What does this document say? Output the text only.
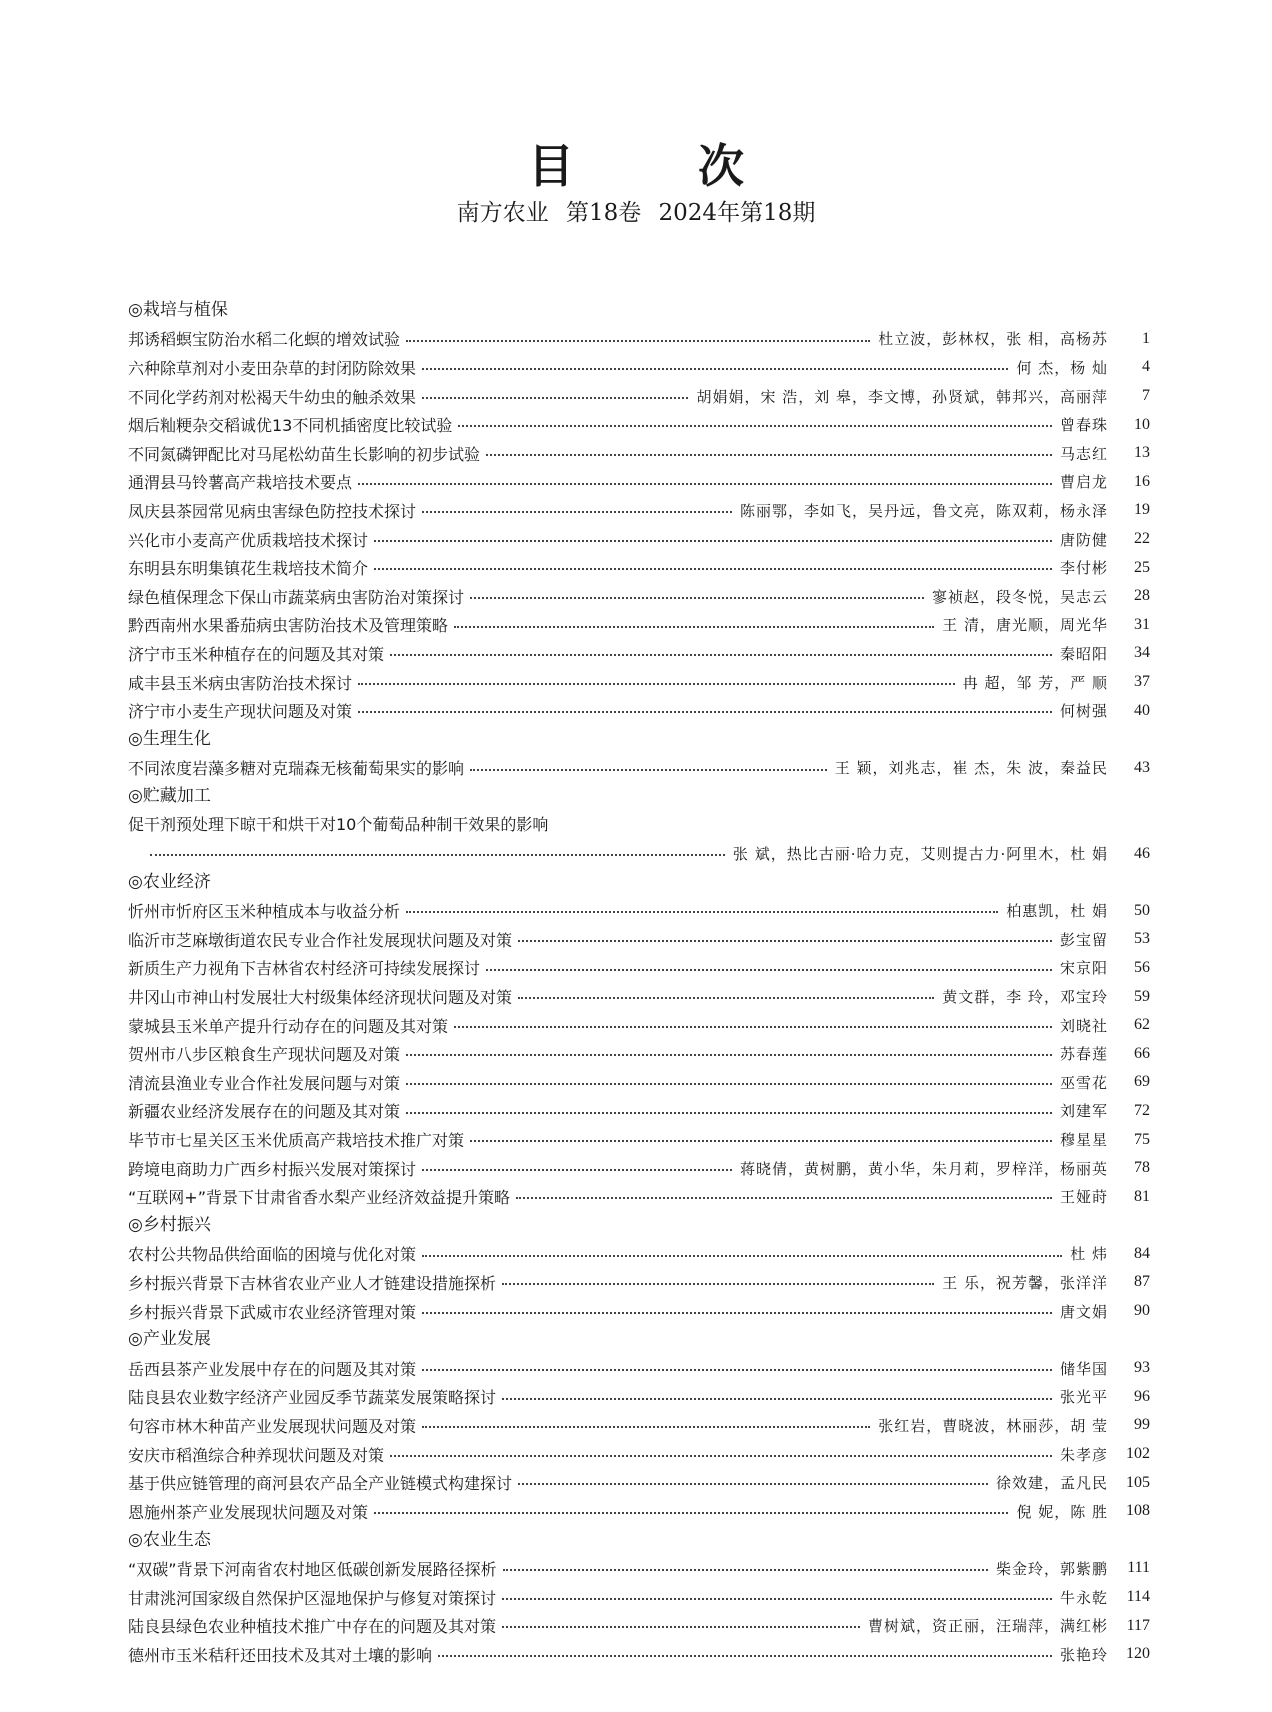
目 次
南方农业 第18卷 2024年第18期
◎栽培与植保
邦诱稻螟宝防治水稻二化螟的增效试验	杜立波，彭林权，张 相，高杨苏	1
六种除草剂对小麦田杂草的封闭防除效果	何 杰，杨 灿	4
不同化学药剂对松褐天牛幼虫的触杀效果	胡娟娟，宋 浩，刘 皋，李文博，孙贤斌，韩邦兴，高丽萍	7
烟后籼粳杂交稻诚优13不同机插密度比较试验	曾春珠	10
不同氮磷钾配比对马尾松幼苗生长影响的初步试验	马志红	13
通渭县马铃薯高产栽培技术要点	曹启龙	16
凤庆县茶园常见病虫害绿色防控技术探讨	陈丽鄂，李如飞，吴丹远，鲁文亮，陈双莉，杨永泽	19
兴化市小麦高产优质栽培技术探讨	唐防健	22
东明县东明集镇花生栽培技术简介	李付彬	25
绿色植保理念下保山市蔬菜病虫害防治对策探讨	寥祯赵，段冬悦，吴志云	28
黔西南州水果番茄病虫害防治技术及管理策略	王 清，唐光顺，周光华	31
济宁市玉米种植存在的问题及其对策	秦昭阳	34
咸丰县玉米病虫害防治技术探讨	冉 超，邹 芳，严 顺	37
济宁市小麦生产现状问题及对策	何树强	40
◎生理生化
不同浓度岩藻多糖对克瑞森无核葡萄果实的影响	王 颖，刘兆志，崔 杰，朱 波，秦益民	43
◎贮藏加工
促干剂预处理下晾干和烘干对10个葡萄品种制干效果的影响
张 斌，热比古丽·哈力克，艾则提古力·阿里木，杜 娟	46
◎农业经济
忻州市忻府区玉米种植成本与收益分析	柏惠凯，杜 娟	50
临沂市芝麻墩街道农民专业合作社发展现状问题及对策	彭宝留	53
新质生产力视角下吉林省农村经济可持续发展探讨	宋京阳	56
井冈山市神山村发展壮大村级集体经济现状问题及对策	黄文群，李 玲，邓宝玲	59
蒙城县玉米单产提升行动存在的问题及其对策	刘晓社	62
贺州市八步区粮食生产现状问题及对策	苏春莲	66
清流县渔业专业合作社发展问题与对策	巫雪花	69
新疆农业经济发展存在的问题及其对策	刘建军	72
毕节市七星关区玉米优质高产栽培技术推广对策	穆星星	75
跨境电商助力广西乡村振兴发展对策探讨	蒋晓倩，黄树鹏，黄小华，朱月莉，罗梓洋，杨丽英	78
“互联网+”背景下甘肃省香水梨产业经济效益提升策略	王娅莳	81
◎乡村振兴
农村公共物品供给面临的困境与优化对策	杜 炜	84
乡村振兴背景下吉林省农业产业人才链建设措施探析	王 乐，祝芳馨，张洋洋	87
乡村振兴背景下武威市农业经济管理对策	唐文娟	90
◎产业发展
岳西县茶产业发展中存在的问题及其对策	储华国	93
陆良县农业数字经济产业园反季节蔬菜发展策略探讨	张光平	96
句容市林木种苗产业发展现状问题及对策	张红岩，曹晓波，林丽莎，胡 莹	99
安庆市稻渔综合种养现状问题及对策	朱孝彦	102
基于供应链管理的商河县农产品全产业链模式构建探讨	徐效建，孟凡民	105
恩施州茶产业发展现状问题及对策	倪 妮，陈 胜	108
◎农业生态
“双碳”背景下河南省农村地区低碳创新发展路径探析	柴金玲，郭紫鹏	111
甘肃洮河国家级自然保护区湿地保护与修复对策探讨	牛永乾	114
陆良县绿色农业种植技术推广中存在的问题及其对策	曹树斌，资正丽，汪瑞萍，满红彬	117
德州市玉米秸秆还田技术及其对土壤的影响	张艳玲	120
